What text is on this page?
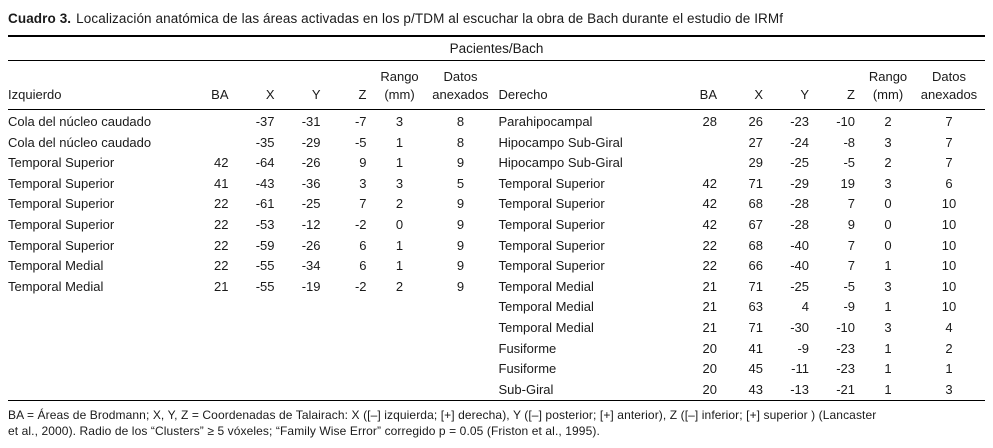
Cuadro 3. Localización anatómica de las áreas activadas en los p/TDM al escuchar la obra de Bach durante el estudio de IRMf
Pacientes/Bach
Izquierdo	BA	X	Y	Z	Rango
(mm)	Datos
anexados
Cola del núcleo caudado		-37	-31	-7	3	8
Cola del núcleo caudado		-35	-29	-5	1	8
Temporal Superior	42	-64	-26	9	1	9
Temporal Superior	41	-43	-36	3	3	5
Temporal Superior	22	-61	-25	7	2	9
Temporal Superior	22	-53	-12	-2	0	9
Temporal Superior	22	-59	-26	6	1	9
Temporal Medial	22	-55	-34	6	1	9
Temporal Medial	21	-55	-19	-2	2	9
Derecho	BA	X	Y	Z	Rango
(mm)	Datos
anexados
Parahipocampal	28	26	-23	-10	2	7
Hipocampo Sub-Giral		27	-24	-8	3	7
Hipocampo Sub-Giral		29	-25	-5	2	7
Temporal Superior	42	71	-29	19	3	6
Temporal Superior	42	68	-28	7	0	10
Temporal Superior	42	67	-28	9	0	10
Temporal Superior	22	68	-40	7	0	10
Temporal Superior	22	66	-40	7	1	10
Temporal Medial	21	71	-25	-5	3	10
Temporal Medial	21	63	4	-9	1	10
Temporal Medial	21	71	-30	-10	3	4
Fusiforme	20	41	-9	-23	1	2
Fusiforme	20	45	-11	-23	1	1
Sub-Giral	20	43	-13	-21	1	3
BA = Áreas de Brodmann; X, Y, Z = Coordenadas de Talairach: X ([–] izquierda; [+] derecha), Y ([–] posterior; [+] anterior), Z ([–] inferior; [+] superior ) (Lancaster
et al., 2000). Radio de los “Clusters” ≥ 5 vóxeles; “Family Wise Error” corregido p = 0.05 (Friston et al., 1995).
